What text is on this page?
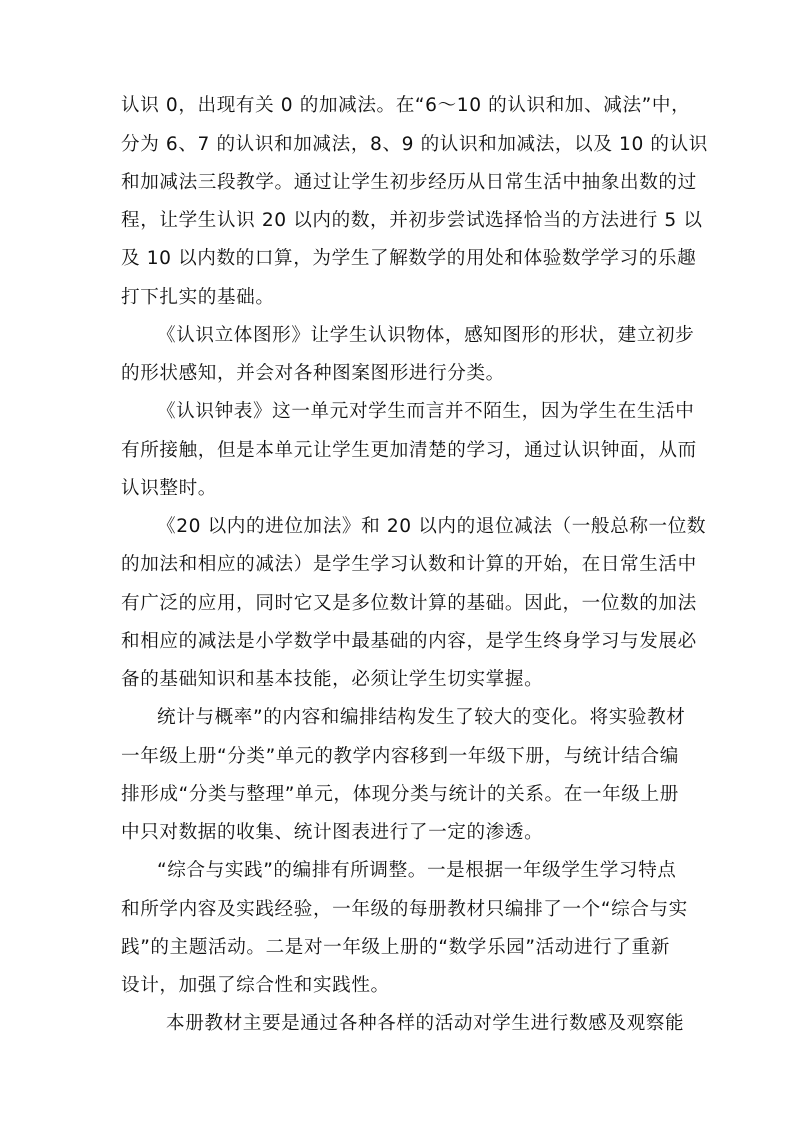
认识 0，出现有关 0 的加减法。在“6～10 的认识和加、减法”中，
分为 6、7 的认识和加减法，8、9 的认识和加减法，以及 10 的认识
和加减法三段教学。通过让学生初步经历从日常生活中抽象出数的过
程，让学生认识 20 以内的数，并初步尝试选择恰当的方法进行 5 以
及 10 以内数的口算，为学生了解数学的用处和体验数学学习的乐趣
打下扎实的基础。
《认识立体图形》让学生认识物体，感知图形的形状，建立初步
的形状感知，并会对各种图案图形进行分类。
《认识钟表》这一单元对学生而言并不陌生，因为学生在生活中
有所接触，但是本单元让学生更加清楚的学习，通过认识钟面，从而
认识整时。
《20 以内的进位加法》和 20 以内的退位减法（一般总称一位数
的加法和相应的减法）是学生学习认数和计算的开始，在日常生活中
有广泛的应用，同时它又是多位数计算的基础。因此，一位数的加法
和相应的减法是小学数学中最基础的内容，是学生终身学习与发展必
备的基础知识和基本技能，必须让学生切实掌握。
统计与概率”的内容和编排结构发生了较大的变化。将实验教材
一年级上册“分类”单元的教学内容移到一年级下册，与统计结合编
排形成“分类与整理”单元，体现分类与统计的关系。在一年级上册
中只对数据的收集、统计图表进行了一定的渗透。
“综合与实践”的编排有所调整。一是根据一年级学生学习特点
和所学内容及实践经验，一年级的每册教材只编排了一个“综合与实
践”的主题活动。二是对一年级上册的“数学乐园”活动进行了重新
设计，加强了综合性和实践性。
本册教材主要是通过各种各样的活动对学生进行数感及观察能
